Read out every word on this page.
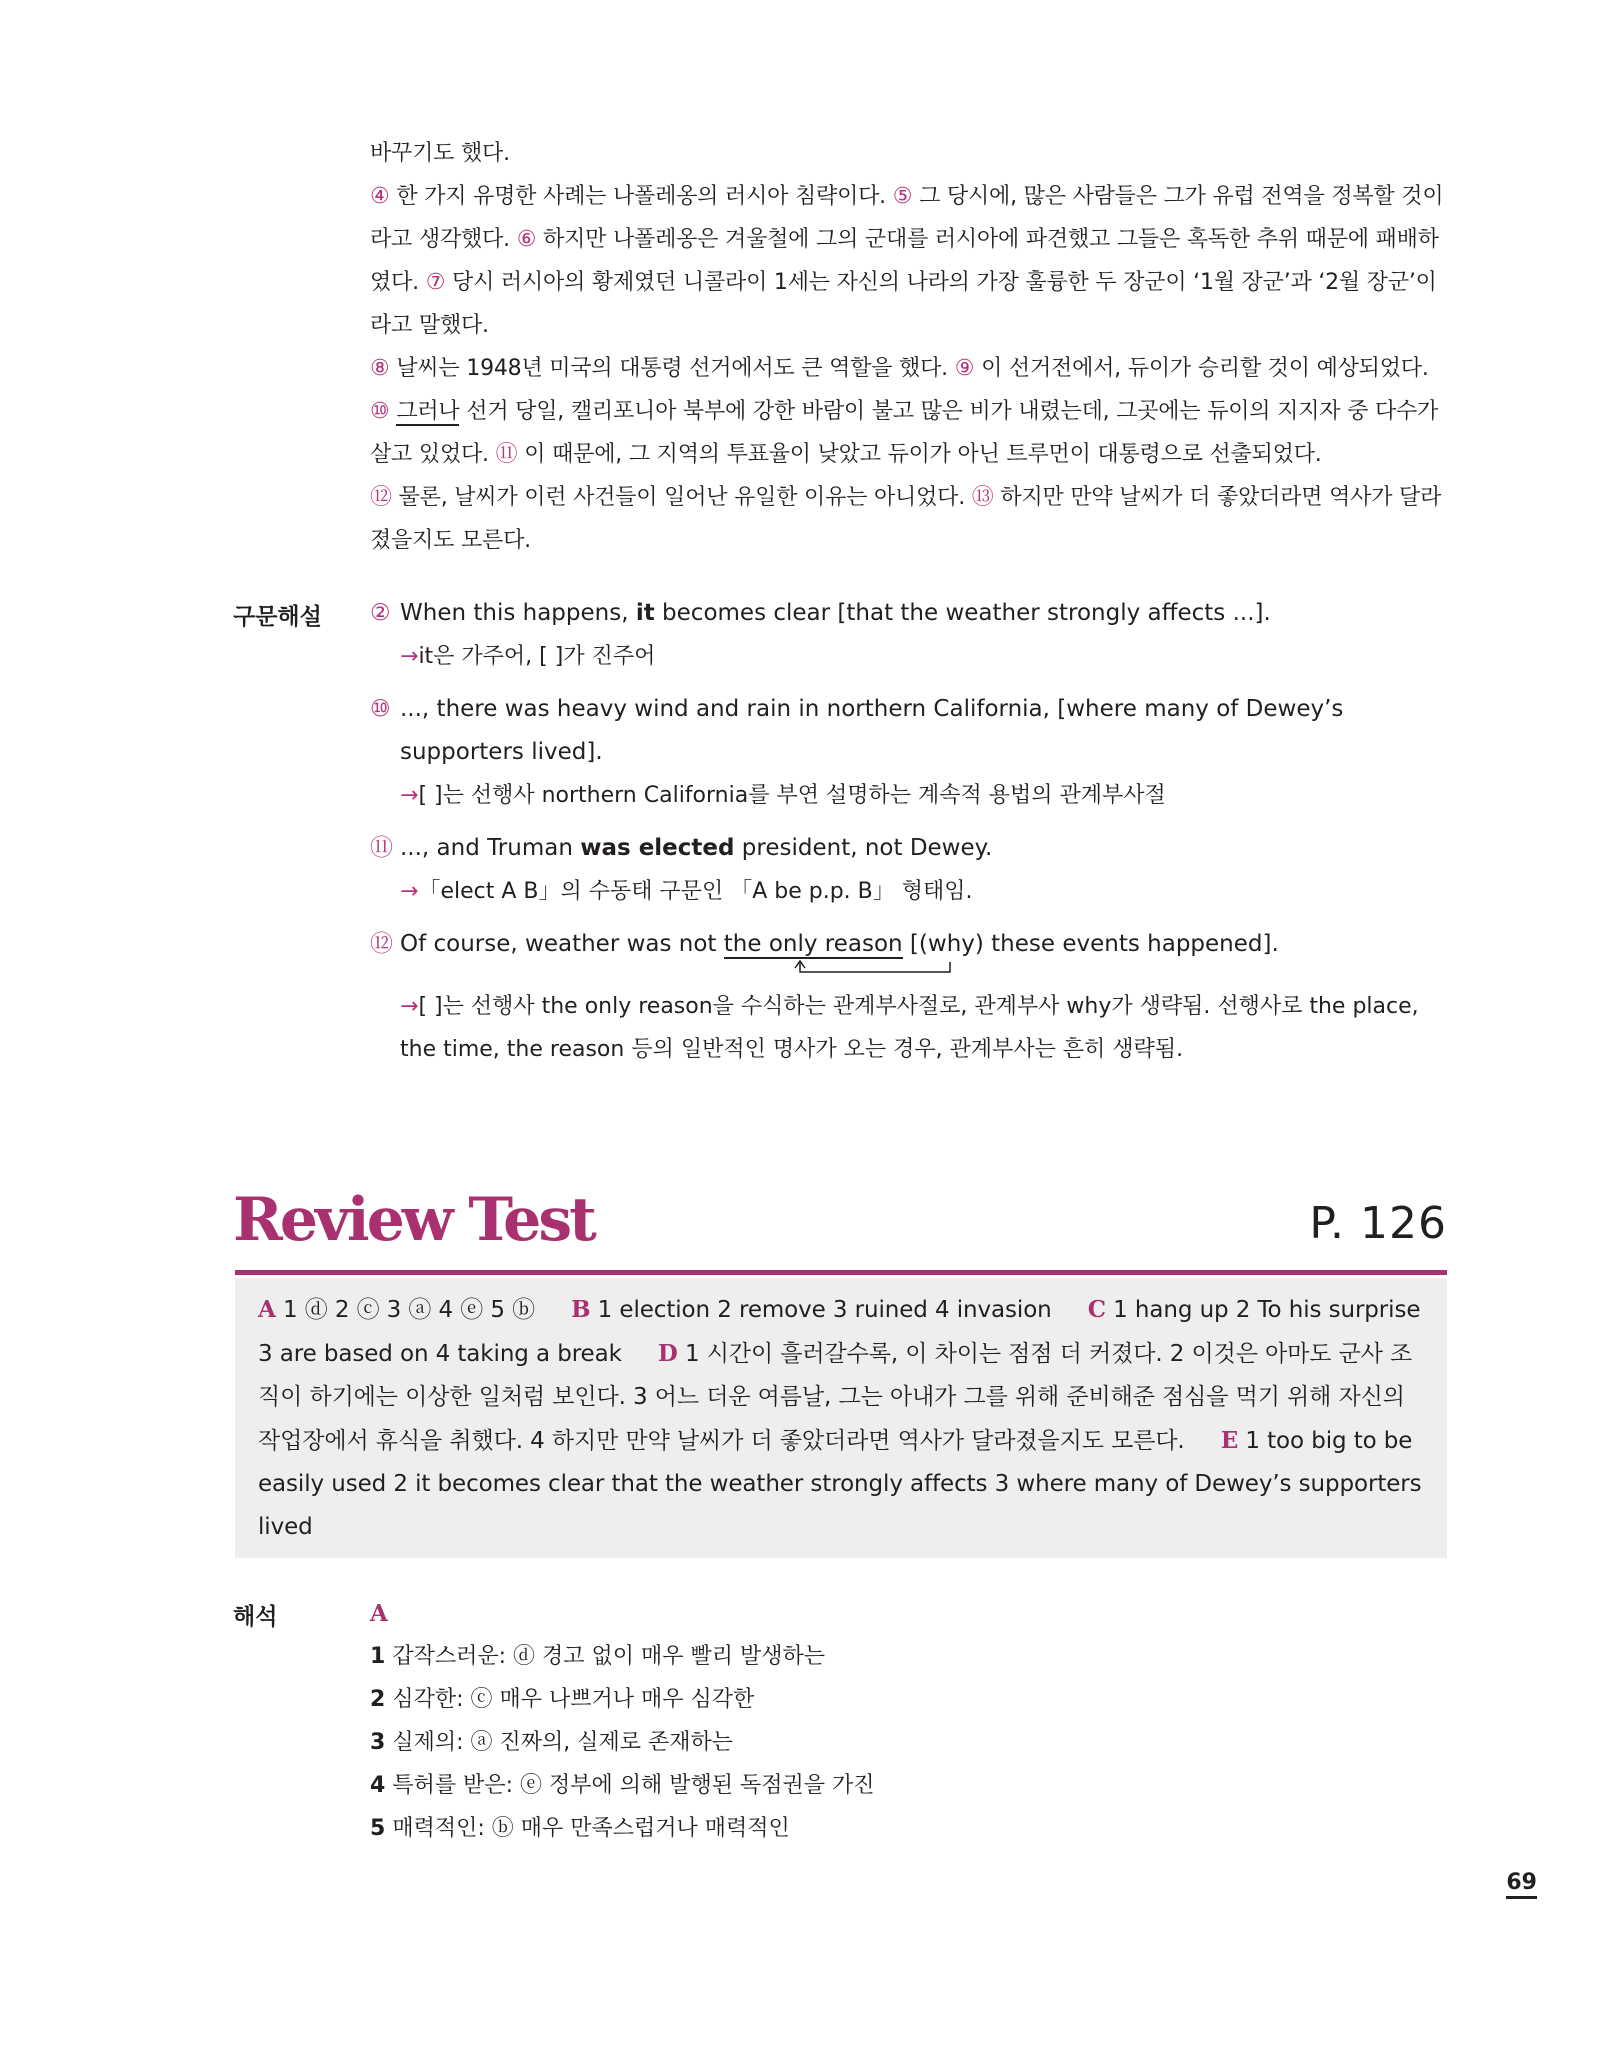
바꾸기도 했다.
④ 한 가지 유명한 사례는 나폴레옹의 러시아 침략이다. ⑤ 그 당시에, 많은 사람들은 그가 유럽 전역을 정복할 것이 라고 생각했다. ⑥ 하지만 나폴레옹은 겨울철에 그의 군대를 러시아에 파견했고 그들은 혹독한 추위 때문에 패배하였다. ⑦ 당시 러시아의 황제였던 니콜라이 1세는 자신의 나라의 가장 훌륭한 두 장군이 ‘1월 장군’과 ‘2월 장군’이라고 말했다.
⑧ 날씨는 1948년 미국의 대통령 선거에서도 큰 역할을 했다. ⑨ 이 선거전에서, 듀이가 승리할 것이 예상되었다.
⑩ 그러나 선거 당일, 캘리포니아 북부에 강한 바람이 불고 많은 비가 내렸는데, 그곳에는 듀이의 지지자 중 다수가 살고 있었다. ⑪ 이 때문에, 그 지역의 투표율이 낮았고 듀이가 아닌 트루먼이 대통령으로 선출되었다.
⑫ 물론, 날씨가 이런 사건들이 일어난 유일한 이유는 아니었다. ⑬ 하지만 만약 날씨가 더 좋았더라면 역사가 달라 졌을지도 모른다.
구문해설 ② When this happens, it becomes clear [that the weather strongly affects ...].
→it은 가주어, [ ]가 진주어
⑩ ..., there was heavy wind and rain in northern California, [where many of Dewey’s
supporters lived].
→[ ]는 선행사 northern California를 부연 설명하는 계속적 용법의 관계부사절
⑪ ..., and Truman was elected president, not Dewey.
→「elect A B」의 수동태 구문인 「A be p.p. B」 형태임.
⑫ Of course, weather was not the only reason [(why) these events happened].
→[ ]는 선행사 the only reason을 수식하는 관계부사절로, 관계부사 why가 생략됨. 선행사로 the place,
the time, the reason 등의 일반적인 명사가 오는 경우, 관계부사는 흔히 생략됨.
Review Test	P. 126
A 1 ⓓ 2 ⓒ 3 ⓐ 4 ⓔ 5 ⓑ B 1 election 2 remove 3 ruined 4 invasion C 1 hang up 2 To his surprise 3 are based on 4 taking a break D 1 시간이 흘러갈수록, 이 차이는 점점 더 커졌다. 2 이것은 아마도 군사 조직이 하기에는 이상한 일처럼 보인다. 3 어느 더운 여름날, 그는 아내가 그를 위해 준비해준 점심을 먹기 위해 자신의 작업장에서 휴식을 취했다. 4 하지만 만약 날씨가 더 좋았더라면 역사가 달라졌을지도 모른다. E 1 too big to be easily used 2 it becomes clear that the weather strongly affects 3 where many of Dewey’s supporters lived
해석	A
1 갑작스러운: ⓓ 경고 없이 매우 빨리 발생하는
2 심각한: ⓒ 매우 나쁘거나 매우 심각한
3 실제의: ⓐ 진짜의, 실제로 존재하는
4 특허를 받은: ⓔ 정부에 의해 발행된 독점권을 가진
5 매력적인: ⓑ 매우 만족스럽거나 매력적인
69
